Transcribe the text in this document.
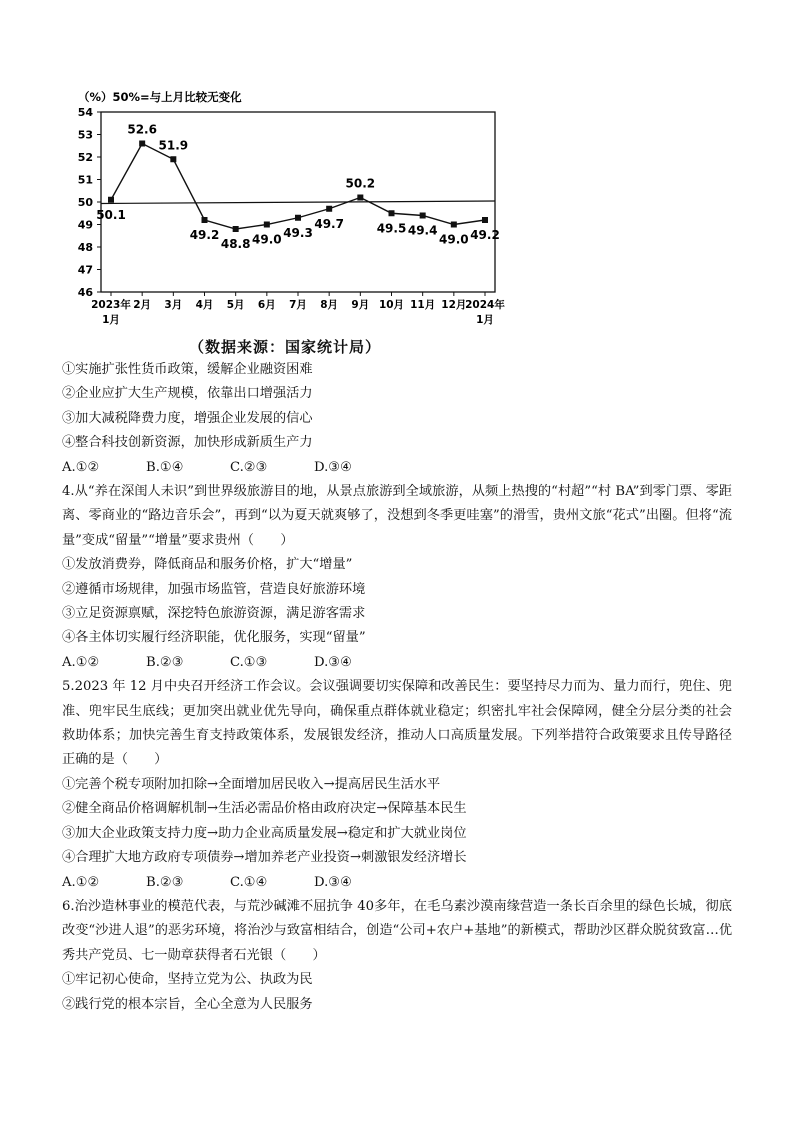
（%）50%=与上月比较无变化
46
47
48
49
50
51
52
53
54
2023年
1月
2月 3月 4月 5月 6月 7月 8月 9月 10月 11月 12月
2024年
1月
50.1
52.6
51.9
49.2
48.8 49.0 49.3
49.7
50.2
49.5 49.4
49.0 49.2
（数据来源：国家统计局）
①实施扩张性货币政策，缓解企业融资困难
②企业应扩大生产规模，依靠出口增强活力
③加大减税降费力度，增强企业发展的信心
④整合科技创新资源，加快形成新质生产力
A.①②	B.①④	C.②③	D.③④
4.从“养在深闺人未识”到世界级旅游目的地，从景点旅游到全域旅游，从频上热搜的“村超”“村 BA”到零门票、零距离、零商业的“路边音乐会”，再到“以为夏天就爽够了，没想到冬季更哇塞”的滑雪，贵州文旅“花式”出圈。但将“流量”变成“留量”“增量”要求贵州（　　）
①发放消费券，降低商品和服务价格，扩大“增量”
②遵循市场规律，加强市场监管，营造良好旅游环境
③立足资源禀赋，深挖特色旅游资源，满足游客需求
④各主体切实履行经济职能，优化服务，实现“留量”
A.①②	B.②③	C.①③	D.③④
5.2023 年 12 月中央召开经济工作会议。会议强调要切实保障和改善民生：要坚持尽力而为、量力而行，兜住、兜准、兜牢民生底线；更加突出就业优先导向，确保重点群体就业稳定；织密扎牢社会保障网，健全分层分类的社会救助体系；加快完善生育支持政策体系，发展银发经济，推动人口高质量发展。下列举措符合政策要求且传导路径正确的是（　　）
①完善个税专项附加扣除→全面增加居民收入→提高居民生活水平
②健全商品价格调解机制→生活必需品价格由政府决定→保障基本民生
③加大企业政策支持力度→助力企业高质量发展→稳定和扩大就业岗位
④合理扩大地方政府专项债券→增加养老产业投资→刺激银发经济增长
A.①②	B.②③	C.①④	D.③④
6.治沙造林事业的模范代表，与荒沙碱滩不屈抗争 40多年，在毛乌素沙漠南缘营造一条长百余里的绿色长城，彻底改变“沙进人退”的恶劣环境，将治沙与致富相结合，创造“公司+农户+基地”的新模式，帮助沙区群众脱贫致富…优秀共产党员、七一勋章获得者石光银（　　）
①牢记初心使命，坚持立党为公、执政为民
②践行党的根本宗旨，全心全意为人民服务
